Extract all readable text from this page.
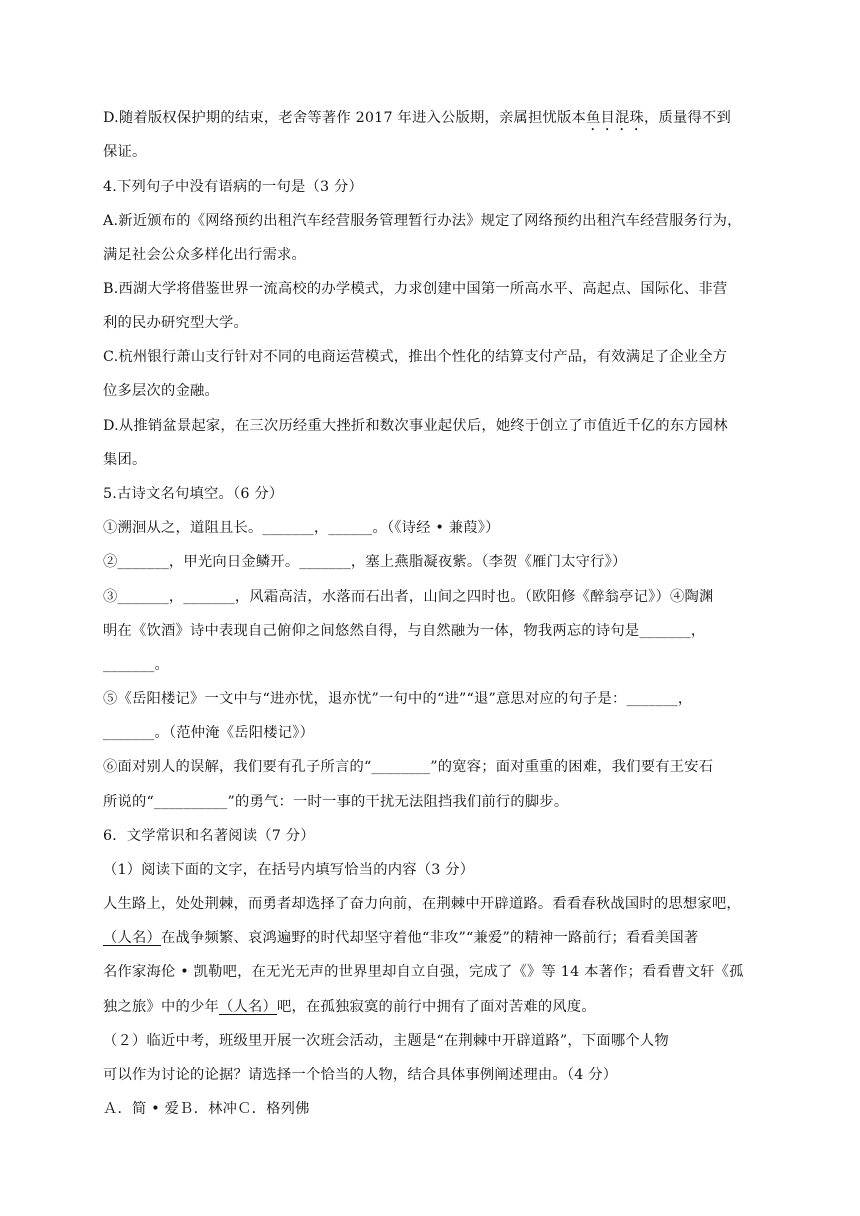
D.随着版权保护期的结束，老舍等著作 2017 年进入公版期，亲属担忧版本鱼目混珠，质量得不到
保证。
4.下列句子中没有语病的一句是（3 分）
A.新近颁布的《网络预约出租汽车经营服务管理暂行办法》规定了网络预约出租汽车经营服务行为，
满足社会公众多样化出行需求。
B.西湖大学将借鉴世界一流高校的办学模式，力求创建中国第一所高水平、高起点、国际化、非营
利的民办研究型大学。
C.杭州银行萧山支行针对不同的电商运营模式，推出个性化的结算支付产品，有效满足了企业全方
位多层次的金融。
D.从推销盆景起家，在三次历经重大挫折和数次事业起伏后，她终于创立了市值近千亿的东方园林
集团。
5.古诗文名句填空。（6 分）
①溯洄从之，道阻且长。_______，______。（《诗经 • 兼葭》）
②_______，甲光向日金鳞开。_______，塞上燕脂凝夜紫。（李贺《雁门太守行》）
③_______，_______，风霜高洁，水落而石出者，山间之四时也。（欧阳修《醉翁亭记》）④陶渊
明在《饮酒》诗中表现自己俯仰之间悠然自得，与自然融为一体，物我两忘的诗句是_______，
_______。
⑤《岳阳楼记》一文中与“进亦忧，退亦忧”一句中的“进”“退”意思对应的句子是：_______，
_______。（范仲淹《岳阳楼记》）
⑥面对别人的误解，我们要有孔子所言的“________”的宽容；面对重重的困难，我们要有王安石
所说的“__________”的勇气：一时一事的干扰无法阻挡我们前行的脚步。
6．文学常识和名著阅读（7 分）
（1）阅读下面的文字，在括号内填写恰当的内容（3 分）
人生路上，处处荆棘，而勇者却选择了奋力向前，在荆棘中开辟道路。看看春秋战国时的思想家吧，
（人名）在战争频繁、哀鸿遍野的时代却坚守着他“非攻”“兼爱”的精神一路前行；看看美国著
名作家海伦 • 凯勒吧，在无光无声的世界里却自立自强，完成了《》等 14 本著作；看看曹文轩《孤
独之旅》中的少年（人名）吧，在孤独寂寞的前行中拥有了面对苦难的风度。
（２）临近中考，班级里开展一次班会活动，主题是“在荆棘中开辟道路”，下面哪个人物
可以作为讨论的论据？请选择一个恰当的人物，结合具体事例阐述理由。（4 分）
Ａ．简 • 爱Ｂ．林冲Ｃ．格列佛
